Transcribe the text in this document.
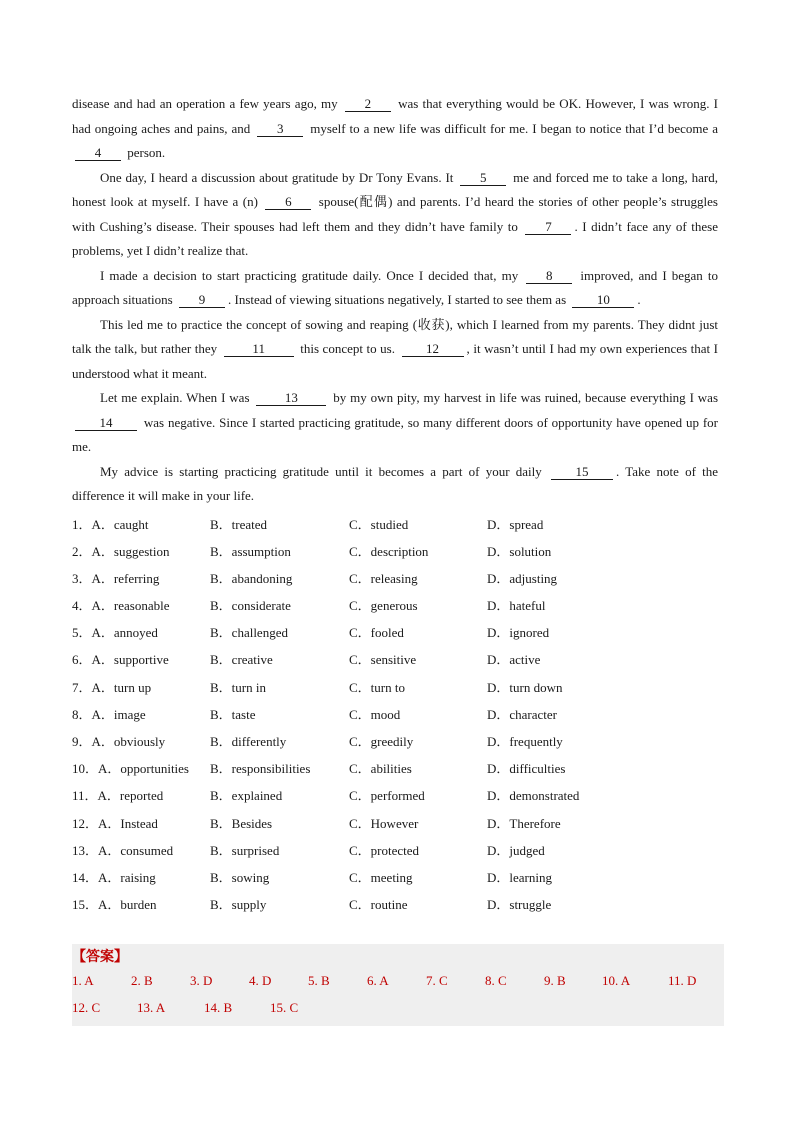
disease and had an operation a few years ago, my 2 was that everything would be OK. However, I was wrong. I had ongoing aches and pains, and 3 myself to a new life was difficult for me. I began to notice that I’d become a 4 person.

One day, I heard a discussion about gratitude by Dr Tony Evans. It 5 me and forced me to take a long, hard, honest look at myself. I have a (n) 6 spouse(配偶) and parents. I’d heard the stories of other people’s struggles with Cushing’s disease. Their spouses had left them and they didn’t have family to 7 . I didn’t face any of these problems, yet I didn’t realize that.

I made a decision to start practicing gratitude daily. Once I decided that, my 8 improved, and I began to approach situations 9 . Instead of viewing situations negatively, I started to see them as 10 .

This led me to practice the concept of sowing and reaping (收获), which I learned from my parents. They didnt just talk the talk, but rather they	11	this concept to us. 12 , it wasn’t until I had my own experiences that I understood what it meant.

Let me explain. When I was	13	by my own pity, my harvest in life was ruined, because everything I was 14 was negative. Since I started practicing gratitude, so many different doors of opportunity have opened up for me.

My advice is starting practicing gratitude until it becomes a part of your daily	15 . Take note of the difference it will make in your life.

1．A．caught	B．treated	C．studied	D．spread
2．A．suggestion	B．assumption	C．description	D．solution
3．A．referring	B．abandoning	C．releasing	D．adjusting
4．A．reasonable	B．considerate	C．generous	D．hateful
5．A．annoyed	B．challenged	C．fooled	D．ignored
6．A．supportive	B．creative	C．sensitive	D．active
7．A．turn up	B．turn in	C．turn to	D．turn down
8．A．image	B．taste	C．mood	D．character
9．A．obviously	B．differently	C．greedily	D．frequently
10．A．opportunities	B．responsibilities	C．abilities	D．difficulties
11．A．reported	B．explained	C．performed	D．demonstrated
12．A．Instead	B．Besides	C．However	D．Therefore
13．A．consumed	B．surprised	C．protected	D．judged
14．A．raising	B．sowing	C．meeting	D．learning
15．A．burden	B．supply	C．routine	D．struggle
【答案】
1. A	2. B	3. D	4. D	5. B	6. A	7. C	8. C	9. B	10. A	11. D
12. C	13. A	14. B	15. C
